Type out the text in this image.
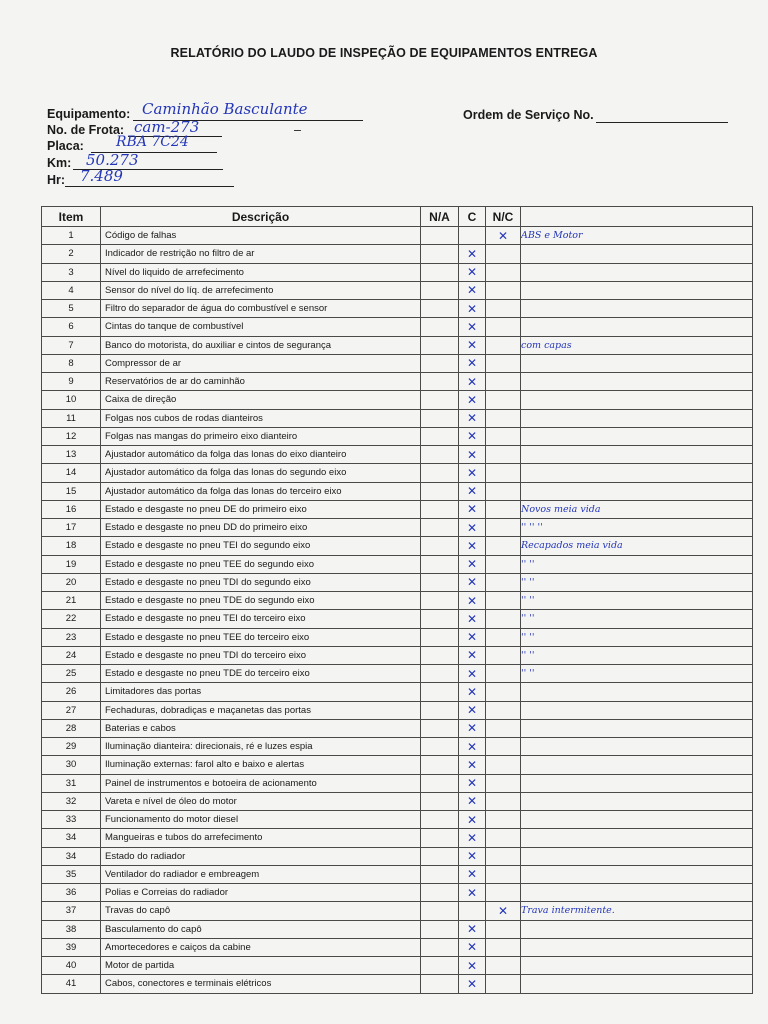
RELATÓRIO DO LAUDO DE INSPEÇÃO DE EQUIPAMENTOS ENTREGA
Equipamento: Caminhão Basculante
No. de Frota: cam-273	–
Placa: RBA 7C24
Km: 50.273
Hr: 7.489
Ordem de Serviço No.
Item	Descrição	N/A	C	N/C	
1	Código de falhas			✕	ABS e Motor
2	Indicador de restrição no filtro de ar		✕		
3	Nível do liquido de arrefecimento		✕		
4	Sensor do nível do líq. de arrefecimento		✕		
5	Filtro do separador de água do combustível e sensor		✕		
6	Cintas do tanque de combustível		✕		
7	Banco do motorista, do auxiliar e cintos de segurança		✕		com capas
8	Compressor de ar		✕		
9	Reservatórios de ar do caminhão		✕		
10	Caixa de direção		✕		
11	Folgas nos cubos de rodas dianteiros		✕		
12	Folgas nas mangas do primeiro eixo dianteiro		✕		
13	Ajustador automático da folga das lonas do eixo dianteiro		✕		
14	Ajustador automático da folga das lonas do segundo eixo		✕		
15	Ajustador automático da folga das lonas do terceiro eixo		✕		
16	Estado e desgaste no pneu DE do primeiro eixo		✕		Novos meia vida
17	Estado e desgaste no pneu DD do primeiro eixo		✕		'' '' ''
18	Estado e desgaste no pneu TEI do segundo eixo		✕		Recapados meia vida
19	Estado e desgaste no pneu TEE do segundo eixo		✕		'' ''
20	Estado e desgaste no pneu TDI do segundo eixo		✕		'' ''
21	Estado e desgaste no pneu TDE do segundo eixo		✕		'' ''
22	Estado e desgaste no pneu TEI do terceiro eixo		✕		'' ''
23	Estado e desgaste no pneu TEE do terceiro eixo		✕		'' ''
24	Estado e desgaste no pneu TDI do terceiro eixo		✕		'' ''
25	Estado e desgaste no pneu TDE do terceiro eixo		✕		'' ''
26	Limitadores das portas		✕		
27	Fechaduras, dobradiças e maçanetas das portas		✕		
28	Baterias e cabos		✕		
29	Iluminação dianteira: direcionais, ré e luzes espia		✕		
30	Iluminação externas: farol alto e baixo e alertas		✕		
31	Painel de instrumentos e botoeira de acionamento		✕		
32	Vareta e nível de óleo do motor		✕		
33	Funcionamento do motor diesel		✕		
34	Mangueiras e tubos do arrefecimento		✕		
34	Estado do radiador		✕		
35	Ventilador do radiador e embreagem		✕		
36	Polias e Correias do radiador		✕		
37	Travas do capô			✕	Trava intermitente.
38	Basculamento do capô		✕		
39	Amortecedores e caiços da cabine		✕		
40	Motor de partida		✕		
41	Cabos, conectores e terminais elétricos		✕		
